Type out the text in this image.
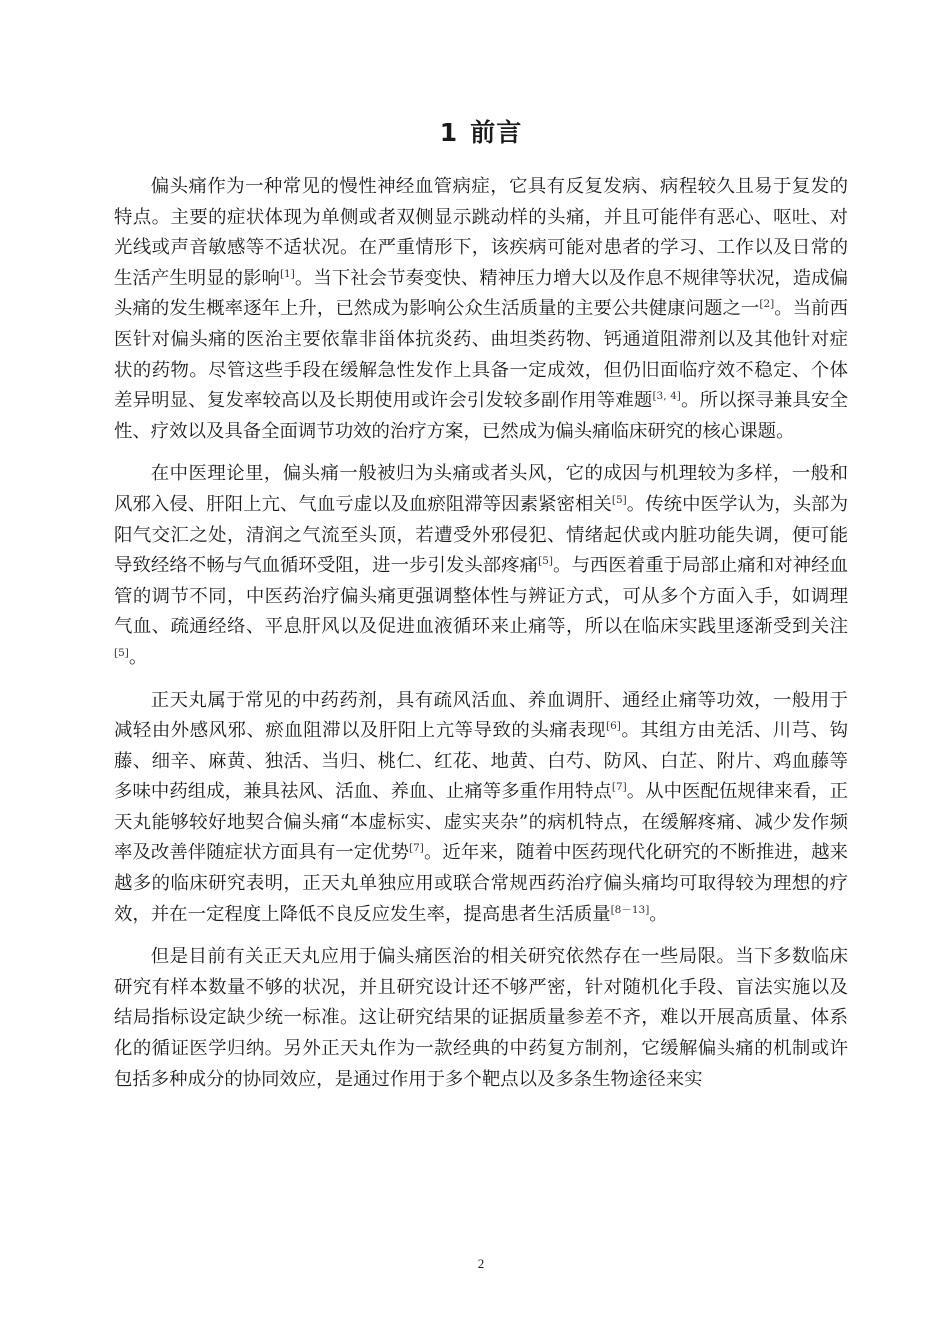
1 前言

偏头痛作为一种常见的慢性神经血管病症，它具有反复发病、病程较久且易于复发的特点。主要的症状体现为单侧或者双侧显示跳动样的头痛，并且可能伴有恶心、呕吐、对光线或声音敏感等不适状况。在严重情形下，该疾病可能对患者的学习、工作以及日常的生活产生明显的影响[1]。当下社会节奏变快、精神压力增大以及作息不规律等状况，造成偏头痛的发生概率逐年上升，已然成为影响公众生活质量的主要公共健康问题之一[2]。当前西医针对偏头痛的医治主要依靠非甾体抗炎药、曲坦类药物、钙通道阻滞剂以及其他针对症状的药物。尽管这些手段在缓解急性发作上具备一定成效，但仍旧面临疗效不稳定、个体差异明显、复发率较高以及长期使用或许会引发较多副作用等难题[3, 4]。所以探寻兼具安全性、疗效以及具备全面调节功效的治疗方案，已然成为偏头痛临床研究的核心课题。

在中医理论里，偏头痛一般被归为头痛或者头风，它的成因与机理较为多样，一般和风邪入侵、肝阳上亢、气血亏虚以及血瘀阻滞等因素紧密相关[5]。传统中医学认为，头部为阳气交汇之处，清润之气流至头顶，若遭受外邪侵犯、情绪起伏或内脏功能失调，便可能导致经络不畅与气血循环受阻，进一步引发头部疼痛[5]。与西医着重于局部止痛和对神经血管的调节不同，中医药治疗偏头痛更强调整体性与辨证方式，可从多个方面入手，如调理气血、疏通经络、平息肝风以及促进血液循环来止痛等，所以在临床实践里逐渐受到关注[5]。

正天丸属于常见的中药药剂，具有疏风活血、养血调肝、通经止痛等功效，一般用于减轻由外感风邪、瘀血阻滞以及肝阳上亢等导致的头痛表现[6]。其组方由羌活、川芎、钩藤、细辛、麻黄、独活、当归、桃仁、红花、地黄、白芍、防风、白芷、附片、鸡血藤等多味中药组成，兼具祛风、活血、养血、止痛等多重作用特点[7]。从中医配伍规律来看，正天丸能够较好地契合偏头痛“本虚标实、虚实夹杂”的病机特点，在缓解疼痛、减少发作频率及改善伴随症状方面具有一定优势[7]。近年来，随着中医药现代化研究的不断推进，越来越多的临床研究表明，正天丸单独应用或联合常规西药治疗偏头痛均可取得较为理想的疗效，并在一定程度上降低不良反应发生率，提高患者生活质量[8－13]。

但是目前有关正天丸应用于偏头痛医治的相关研究依然存在一些局限。当下多数临床研究有样本数量不够的状况，并且研究设计还不够严密，针对随机化手段、盲法实施以及结局指标设定缺少统一标准。这让研究结果的证据质量参差不齐，难以开展高质量、体系化的循证医学归纳。另外正天丸作为一款经典的中药复方制剂，它缓解偏头痛的机制或许包括多种成分的协同效应，是通过作用于多个靶点以及多条生物途径来实

2
